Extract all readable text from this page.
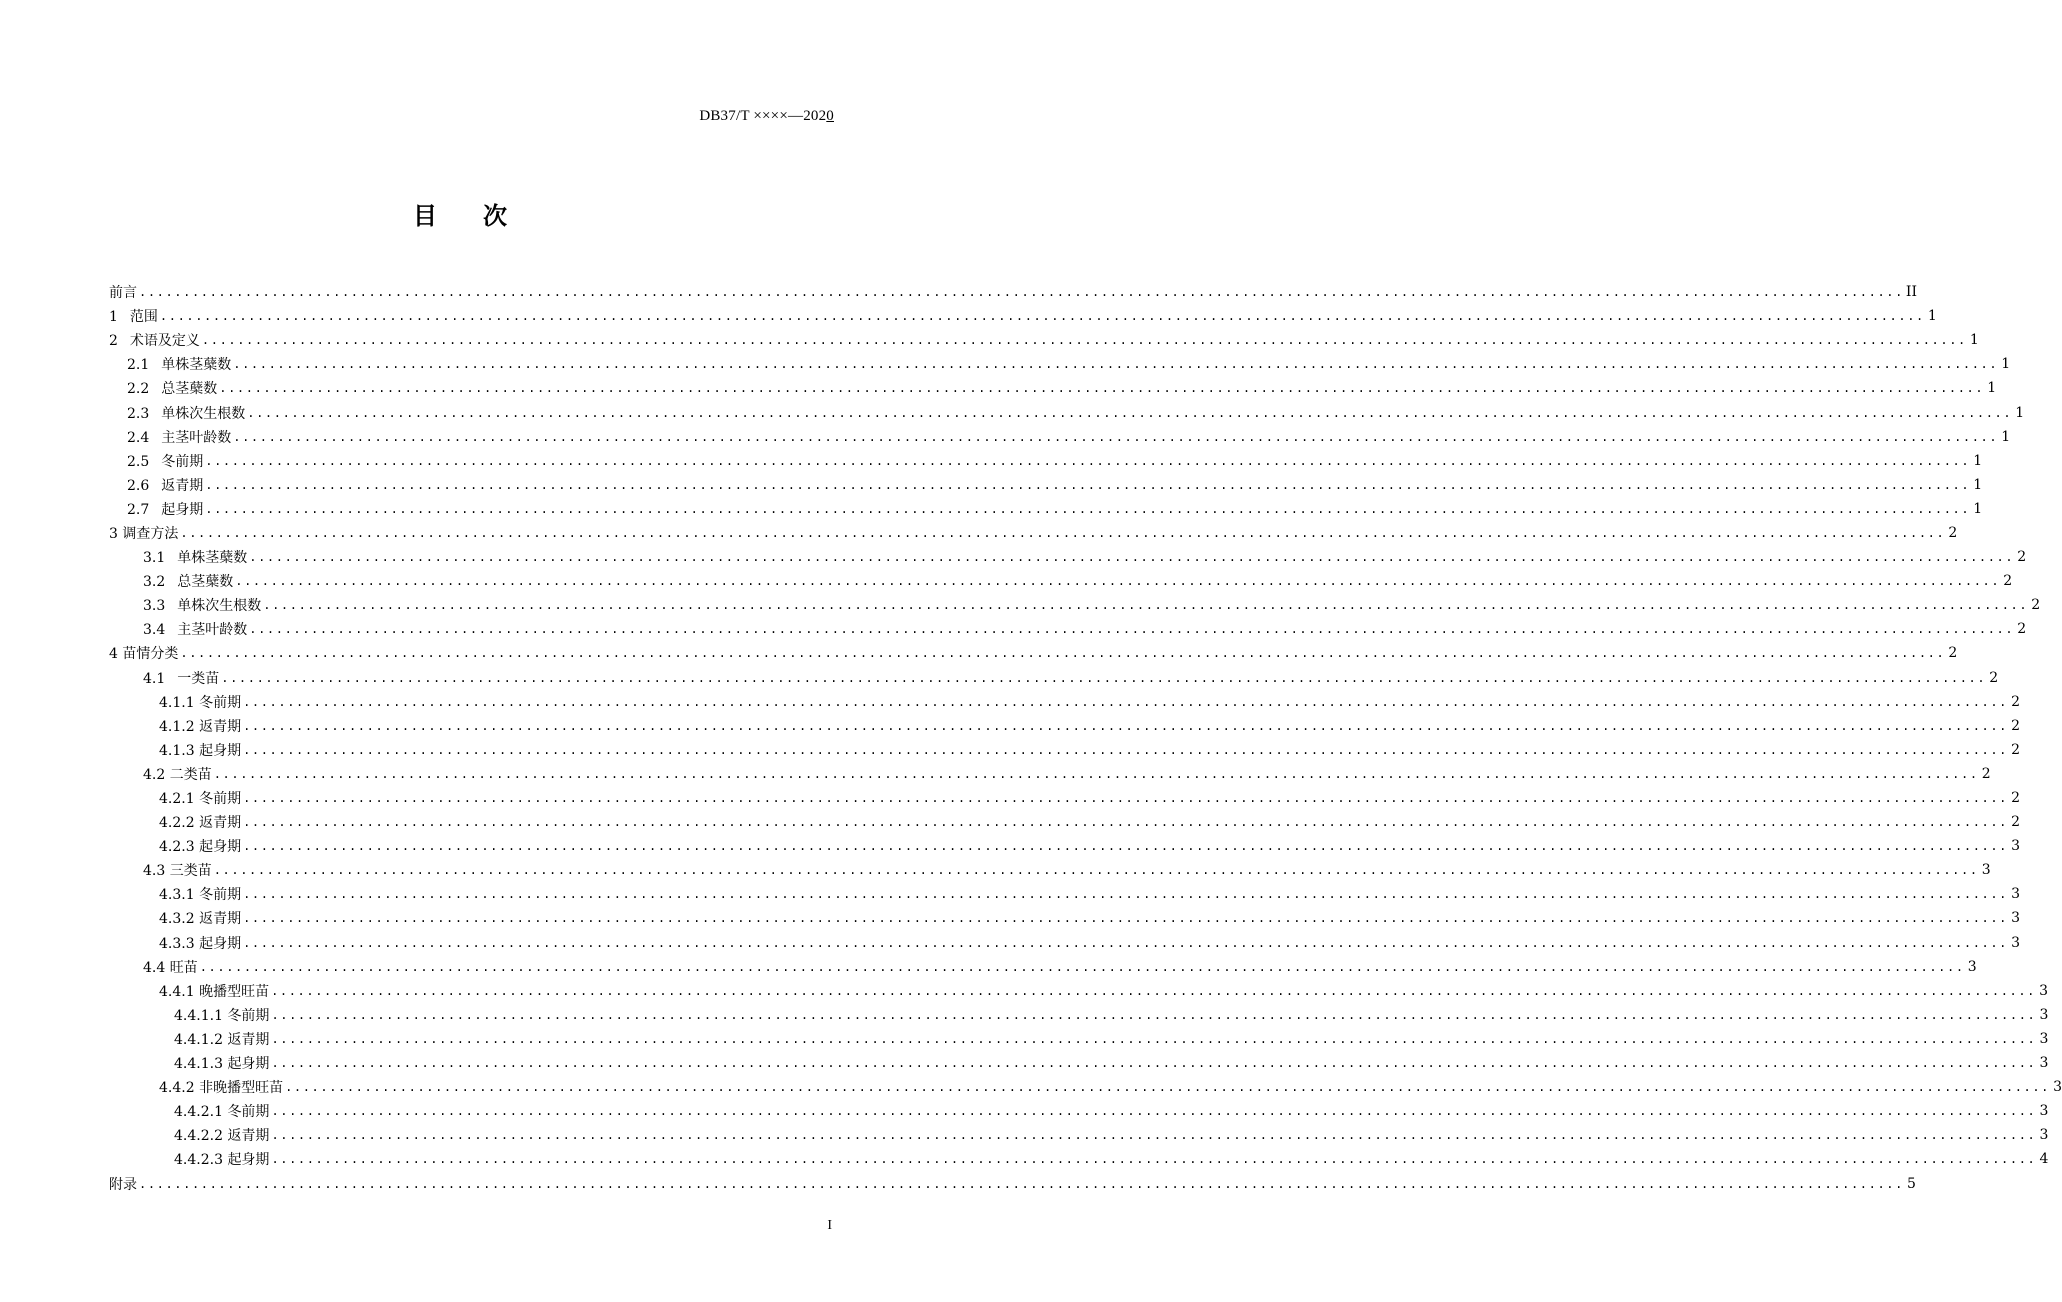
DB37/T ××××—2020
目 次
前言 ........................................................................................................................................................................................................ II
1 范围 ........................................................................................................................................................................................................ 1
2 术语及定义 ........................................................................................................................................................................................................ 1
2.1 单株茎蘖数 ........................................................................................................................................................................................................ 1
2.2 总茎蘖数 ........................................................................................................................................................................................................ 1
2.3 单株次生根数 ........................................................................................................................................................................................................ 1
2.4 主茎叶龄数 ........................................................................................................................................................................................................ 1
2.5 冬前期 ........................................................................................................................................................................................................ 1
2.6 返青期 ........................................................................................................................................................................................................ 1
2.7 起身期 ........................................................................................................................................................................................................ 1
3 调查方法 ........................................................................................................................................................................................................ 2
3.1 单株茎蘖数 ........................................................................................................................................................................................................ 2
3.2 总茎蘖数 ........................................................................................................................................................................................................ 2
3.3 单株次生根数 ........................................................................................................................................................................................................ 2
3.4 主茎叶龄数 ........................................................................................................................................................................................................ 2
4 苗情分类 ........................................................................................................................................................................................................ 2
4.1 一类苗 ........................................................................................................................................................................................................ 2
4.1.1 冬前期 ........................................................................................................................................................................................................ 2
4.1.2 返青期 ........................................................................................................................................................................................................ 2
4.1.3 起身期 ........................................................................................................................................................................................................ 2
4.2 二类苗 ........................................................................................................................................................................................................ 2
4.2.1 冬前期 ........................................................................................................................................................................................................ 2
4.2.2 返青期 ........................................................................................................................................................................................................ 2
4.2.3 起身期 ........................................................................................................................................................................................................ 3
4.3 三类苗 ........................................................................................................................................................................................................ 3
4.3.1 冬前期 ........................................................................................................................................................................................................ 3
4.3.2 返青期 ........................................................................................................................................................................................................ 3
4.3.3 起身期 ........................................................................................................................................................................................................ 3
4.4 旺苗 ........................................................................................................................................................................................................ 3
4.4.1 晚播型旺苗 ........................................................................................................................................................................................................ 3
4.4.1.1 冬前期 ........................................................................................................................................................................................................ 3
4.4.1.2 返青期 ........................................................................................................................................................................................................ 3
4.4.1.3 起身期 ........................................................................................................................................................................................................ 3
4.4.2 非晚播型旺苗 ........................................................................................................................................................................................................ 3
4.4.2.1 冬前期 ........................................................................................................................................................................................................ 3
4.4.2.2 返青期 ........................................................................................................................................................................................................ 3
4.4.2.3 起身期 ........................................................................................................................................................................................................ 4
附录 ........................................................................................................................................................................................................ 5
I
